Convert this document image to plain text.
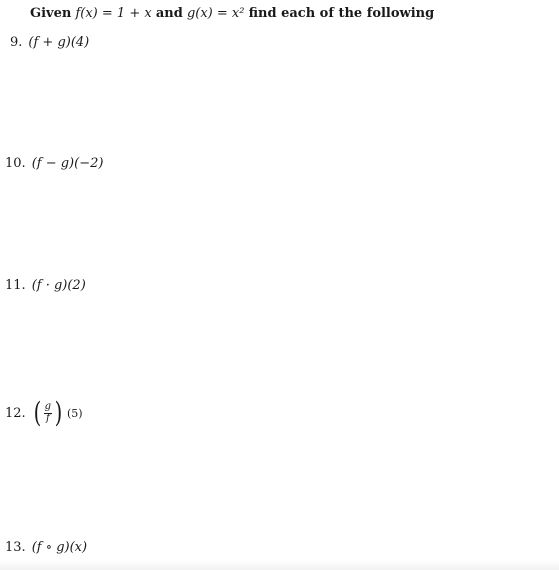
Given f(x) = 1 + x and g(x) = x² find each of the following
9. (f + g)(4)
10. (f − g)(−2)
11. (f · g)(2)
12. ( $\frac{g}{f}$ ) (5)
13. (f ∘ g)(x)
